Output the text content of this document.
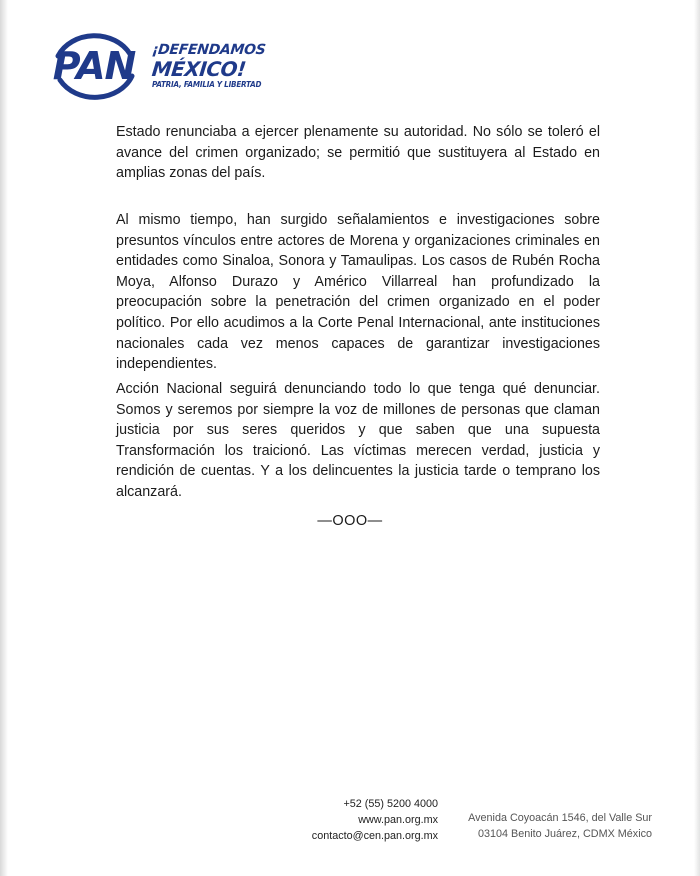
PAN	¡DEFENDAMOS
MÉXICO!
PATRIA, FAMILIA Y LIBERTAD

Estado renunciaba a ejercer plenamente su autoridad. No sólo se toleró el avance del crimen organizado; se permitió que sustituyera al Estado en amplias zonas del país.

Al mismo tiempo, han surgido señalamientos e investigaciones sobre presuntos vínculos entre actores de Morena y organizaciones criminales en entidades como Sinaloa, Sonora y Tamaulipas. Los casos de Rubén Rocha Moya, Alfonso Durazo y Américo Villarreal han profundizado la preocupación sobre la penetración del crimen organizado en el poder político. Por ello acudimos a la Corte Penal Internacional, ante instituciones nacionales cada vez menos capaces de garantizar investigaciones independientes.

Acción Nacional seguirá denunciando todo lo que tenga qué denunciar. Somos y seremos por siempre la voz de millones de personas que claman justicia por sus seres queridos y que saben que una supuesta Transformación los traicionó. Las víctimas merecen verdad, justicia y rendición de cuentas. Y a los delincuentes la justicia tarde o temprano los alcanzará.

—OOO—
+52 (55) 5200 4000
www.pan.org.mx
contacto@cen.pan.org.mx
Avenida Coyoacán 1546, del Valle Sur
03104 Benito Juárez, CDMX México
